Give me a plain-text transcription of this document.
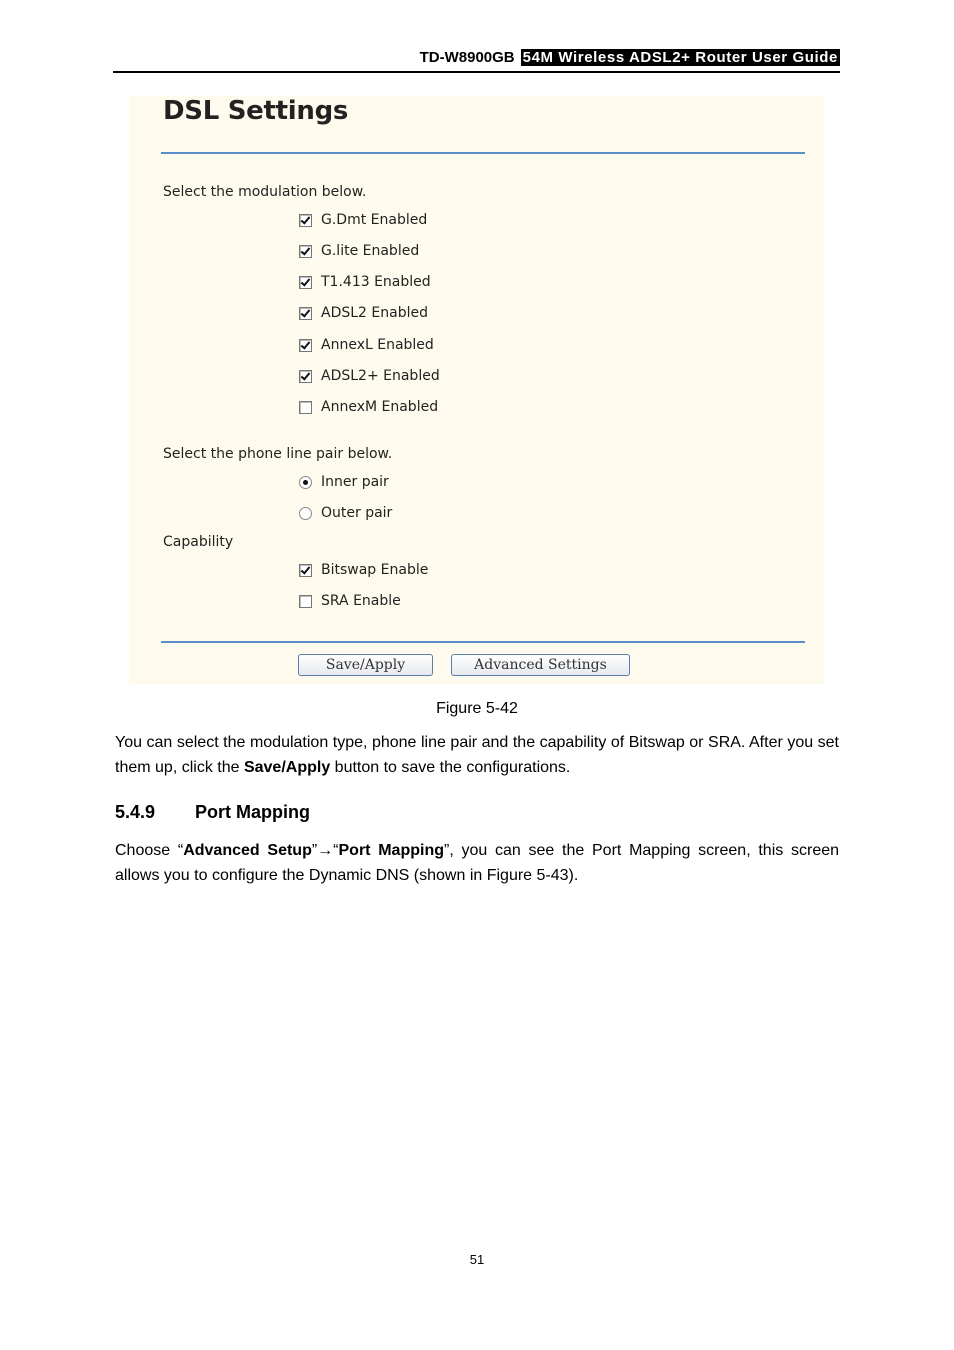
TD-W8900GB 54M Wireless ADSL2+ Router User Guide
DSL Settings
Select the modulation below.
G.Dmt Enabled
G.lite Enabled
T1.413 Enabled
ADSL2 Enabled
AnnexL Enabled
ADSL2+ Enabled
AnnexM Enabled
Select the phone line pair below.
Inner pair
Outer pair
Capability
Bitswap Enable
SRA Enable
Save/Apply	Advanced Settings
Figure 5-42
You can select the modulation type, phone line pair and the capability of Bitswap or SRA. After you set them up, click the Save/Apply button to save the configurations.
5.4.9 Port Mapping
Choose “Advanced Setup”→“Port Mapping”, you can see the Port Mapping screen, this screen allows you to configure the Dynamic DNS (shown in Figure 5-43).
51
